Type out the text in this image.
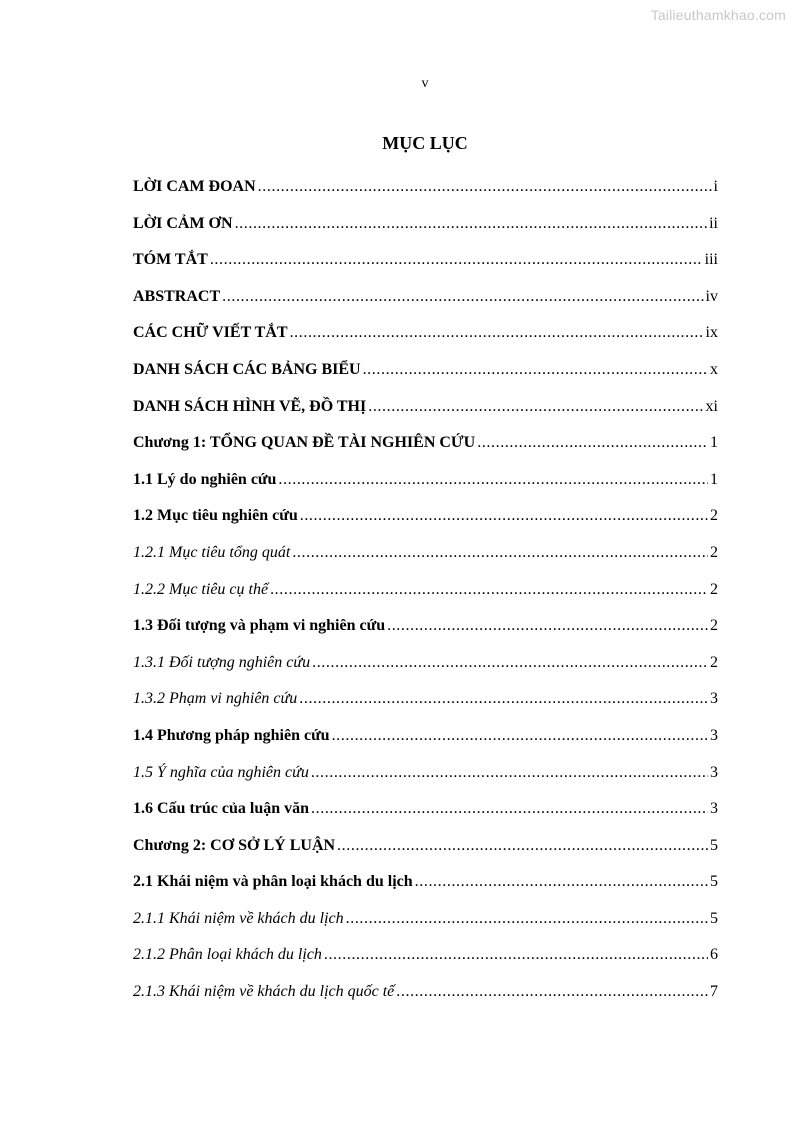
Tailieuthamkhao.com
v
MỤC LỤC
LỜI CAM ĐOAN .....	i
LỜI CẢM ƠN .....	ii
TÓM TẮT .....	iii
ABSTRACT .....	iv
CÁC CHỮ VIẾT TẮT .....	ix
DANH SÁCH CÁC BẢNG BIỂU .....	x
DANH SÁCH HÌNH VẼ, ĐỒ THỊ .....	xi
Chương 1: TỔNG QUAN ĐỀ TÀI NGHIÊN CỨU .....	1
1.1 Lý do nghiên cứu .....	1
1.2 Mục tiêu nghiên cứu .....	2
1.2.1 Mục tiêu tổng quát .....	2
1.2.2 Mục tiêu cụ thể .....	2
1.3 Đối tượng và phạm vi nghiên cứu .....	2
1.3.1 Đối tượng nghiên cứu .....	2
1.3.2 Phạm vi nghiên cứu .....	3
1.4 Phương pháp nghiên cứu .....	3
1.5 Ý nghĩa của nghiên cứu .....	3
1.6 Cấu trúc của luận văn .....	3
Chương 2: CƠ SỞ LÝ LUẬN .....	5
2.1 Khái niệm và phân loại khách du lịch .....	5
2.1.1 Khái niệm về khách du lịch .....	5
2.1.2 Phân loại khách du lịch .....	6
2.1.3 Khái niệm về khách du lịch quốc tế .....	7
